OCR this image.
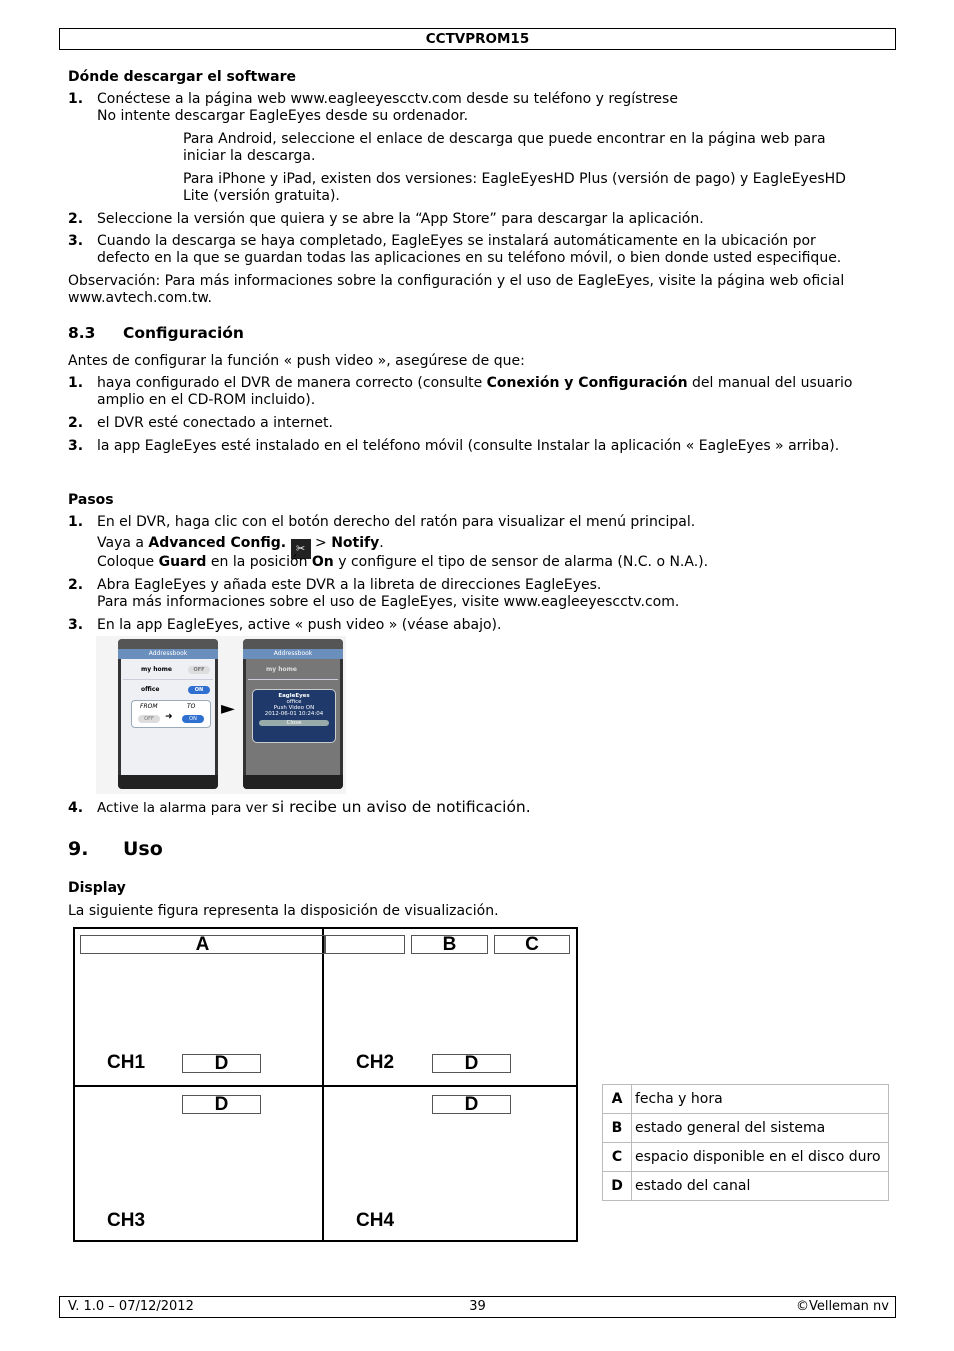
CCTVPROM15
Dónde descargar el software
1. Conéctese a la página web www.eagleeyescctv.com desde su teléfono y regístrese
No intente descargar EagleEyes desde su ordenador.
Para Android, seleccione el enlace de descarga que puede encontrar en la página web para
iniciar la descarga.
Para iPhone y iPad, existen dos versiones: EagleEyesHD Plus (versión de pago) y EagleEyesHD
Lite (versión gratuita).
2. Seleccione la versión que quiera y se abre la “App Store” para descargar la aplicación.
3. Cuando la descarga se haya completado, EagleEyes se instalará automáticamente en la ubicación por
defecto en la que se guardan todas las aplicaciones en su teléfono móvil, o bien donde usted especifique.
Observación: Para más informaciones sobre la configuración y el uso de EagleEyes, visite la página web oficial
www.avtech.com.tw.
8.3 Configuración
Antes de configurar la función « push video », asegúrese de que:
1. haya configurado el DVR de manera correcto (consulte Conexión y Configuración del manual del usuario
amplio en el CD-ROM incluido).
2. el DVR esté conectado a internet.
3. la app EagleEyes esté instalado en el teléfono móvil (consulte Instalar la aplicación « EagleEyes » arriba).
Pasos
1. En el DVR, haga clic con el botón derecho del ratón para visualizar el menú principal.
Vaya a Advanced Config. ✂ > Notify.
Coloque Guard en la posición On y configure el tipo de sensor de alarma (N.C. o N.A.).
2. Abra EagleEyes y añada este DVR a la libreta de direcciones EagleEyes.
Para más informaciones sobre el uso de EagleEyes, visite www.eagleeyescctv.com.
3. En la app EagleEyes, active « push video » (véase abajo).
Addressbook
my home	OFF
office	ON
FROM	TO
OFF	➜	ON	►
Addressbook
my home
EagleEyes
office
Push Video ON
2012-06-01 10:24:04
Close
4. Active la alarma para ver si recibe un aviso de notificación.
9. Uso
Display
La siguiente figura representa la disposición de visualización.
A	B	C
CH1	D	CH2	D
D	D
CH3	CH4
A	fecha y hora
B	estado general del sistema
C	espacio disponible en el disco duro
D	estado del canal
V. 1.0 – 07/12/2012	39	©Velleman nv
